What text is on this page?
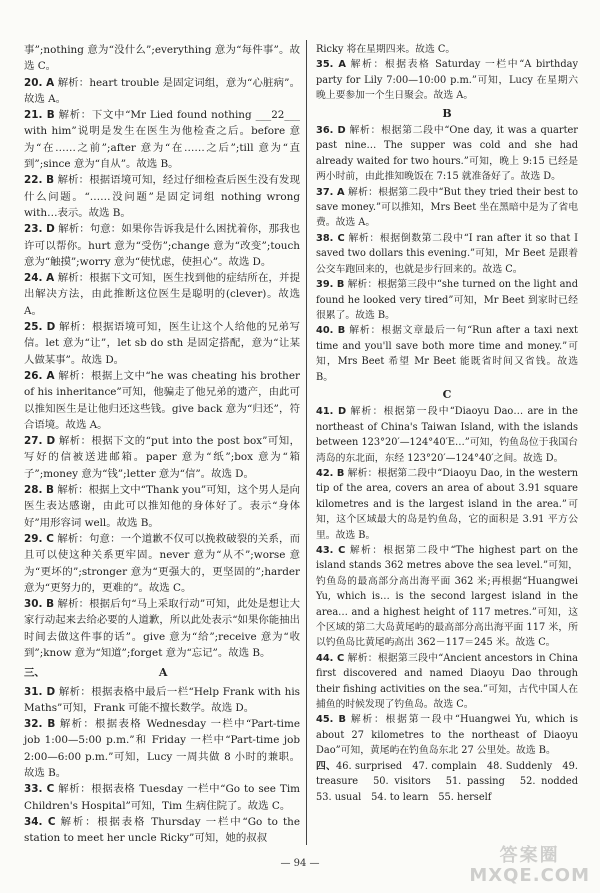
事”;nothing 意为“没什么”;everything 意为“每件事”。故选 C。

20. A 解析：heart trouble 是固定词组，意为“心脏病”。故选 A。

21. B 解析：下文中“Mr Lied found nothing ___22___ with him”说明是发生在医生为他检查之后。before 意为“在……之前”;after 意为“在……之后”;till 意为“直到”;since 意为“自从”。故选 B。

22. B 解析：根据语境可知，经过仔细检查后医生没有发现什么问题。“……没问题”是固定词组 nothing wrong with…表示。故选 B。

23. D 解析：句意：如果你告诉我是什么困扰着你，那我也许可以帮你。hurt 意为“受伤”;change 意为“改变”;touch 意为“触摸”;worry 意为“使忧虑，使担心”。故选 D。

24. A 解析：根据下文可知，医生找到他的症结所在，并提出解决方法，由此推断这位医生是聪明的(clever)。故选 A。

25. D 解析：根据语境可知，医生让这个人给他的兄弟写信。let 意为“让”，let sb do sth 是固定搭配，意为“让某人做某事”。故选 D。

26. A 解析：根据上文中“he was cheating his brother of his inheritance”可知，他骗走了他兄弟的遗产，由此可以推知医生是让他归还这些钱。give back 意为“归还”，符合语境。故选 A。

27. D 解析：根据下文的“put into the post box”可知，写好的信被送进邮箱。paper 意为“纸”;box 意为“箱子”;money 意为“钱”;letter 意为“信”。故选 D。

28. B 解析：根据上文中“Thank you”可知，这个男人是向医生表达感谢，由此可以推知他的身体好了。表示“身体好”用形容词 well。故选 B。

29. C 解析：句意：一个道歉不仅可以挽救破裂的关系，而且可以使这种关系更牢固。never 意为“从不”;worse 意为“更坏的”;stronger 意为“更强大的，更坚固的”;harder 意为“更努力的，更难的”。故选 C。

30. B 解析：根据后句“马上采取行动”可知，此处是想让大家行动起来去给必要的人道歉，所以此处表示“如果你能抽出时间去做这件事的话”。give 意为“给”;receive 意为“收到”;know 意为“知道”;forget 意为“忘记”。故选 B。

三、	A

31. D 解析：根据表格中最后一栏“Help Frank with his Maths”可知，Frank 可能不擅长数学。故选 D。

32. B 解析：根据表格 Wednesday 一栏中“Part-time job 1:00—5:00 p.m.”和 Friday 一栏中“Part-time job 2:00—6:00 p.m.”可知，Lucy 一周共做 8 小时的兼职。故选 B。

33. C 解析：根据表格 Tuesday 一栏中“Go to see Tim Children's Hospital”可知，Tim 生病住院了。故选 C。

34. C 解析：根据表格 Thursday 一栏中“Go to the station to meet her uncle Ricky”可知，她的叔叔

Ricky 将在星期四来。故选 C。

35. A 解析：根据表格 Saturday 一栏中“A birthday party for Lily 7:00—10:00 p.m.”可知，Lucy 在星期六晚上要参加一个生日聚会。故选 A。

B

36. D 解析：根据第二段中“One day, it was a quarter past nine… The supper was cold and she had already waited for two hours.”可知，晚上 9:15 已经是两小时前，由此推知晚饭在 7:15 就准备好了。故选 D。

37. A 解析：根据第二段中“But they tried their best to save money.”可以推知，Mrs Beet 坐在黑暗中是为了省电费。故选 A。

38. C 解析：根据倒数第二段中“I ran after it so that I saved two dollars this evening.”可知，Mr Beet 是跟着公交车跑回来的，也就是步行回来的。故选 C。

39. B 解析：根据第三段中“she turned on the light and found he looked very tired”可知，Mr Beet 到家时已经很累了。故选 B。

40. B 解析：根据文章最后一句“Run after a taxi next time and you'll save both more time and money.”可知，Mrs Beet 希望 Mr Beet 能既省时间又省钱。故选 B。

C

41. D 解析：根据第一段中“Diaoyu Dao… are in the northeast of China's Taiwan Island, with the islands between 123°20′—124°40′E…”可知，钓鱼岛位于我国台湾岛的东北面，东经 123°20′—124°40′之间。故选 D。

42. B 解析：根据第二段中“Diaoyu Dao, in the western tip of the area, covers an area of about 3.91 square kilometres and is the largest island in the area.”可知，这个区域最大的岛是钓鱼岛，它的面积是 3.91 平方公里。故选 B。

43. C 解析：根据第二段中“The highest part on the island stands 362 metres above the sea level.”可知，钓鱼岛的最高部分高出海平面 362 米;再根据“Huangwei Yu, which is… is the second largest island in the area… and a highest height of 117 metres.”可知，这个区域的第二大岛黄尾屿的最高部分高出海平面 117 米，所以钓鱼岛比黄尾屿高出 362－117＝245 米。故选 C。

44. C 解析：根据第三段中“Ancient ancestors in China first discovered and named Diaoyu Dao through their fishing activities on the sea.”可知，古代中国人在捕鱼的时候发现了钓鱼岛。故选 C。

45. B 解析：根据第一段中“Huangwei Yu, which is about 27 kilometres to the northeast of Diaoyu Dao”可知，黄尾屿在钓鱼岛东北 27 公里处。故选 B。

四、46. surprised　47. complain　48. Suddenly　49. treasure　50. visitors　51. passing　52. nodded　53. usual　54. to learn　55. herself

— 94 —	答案圈
MXQE.COM
